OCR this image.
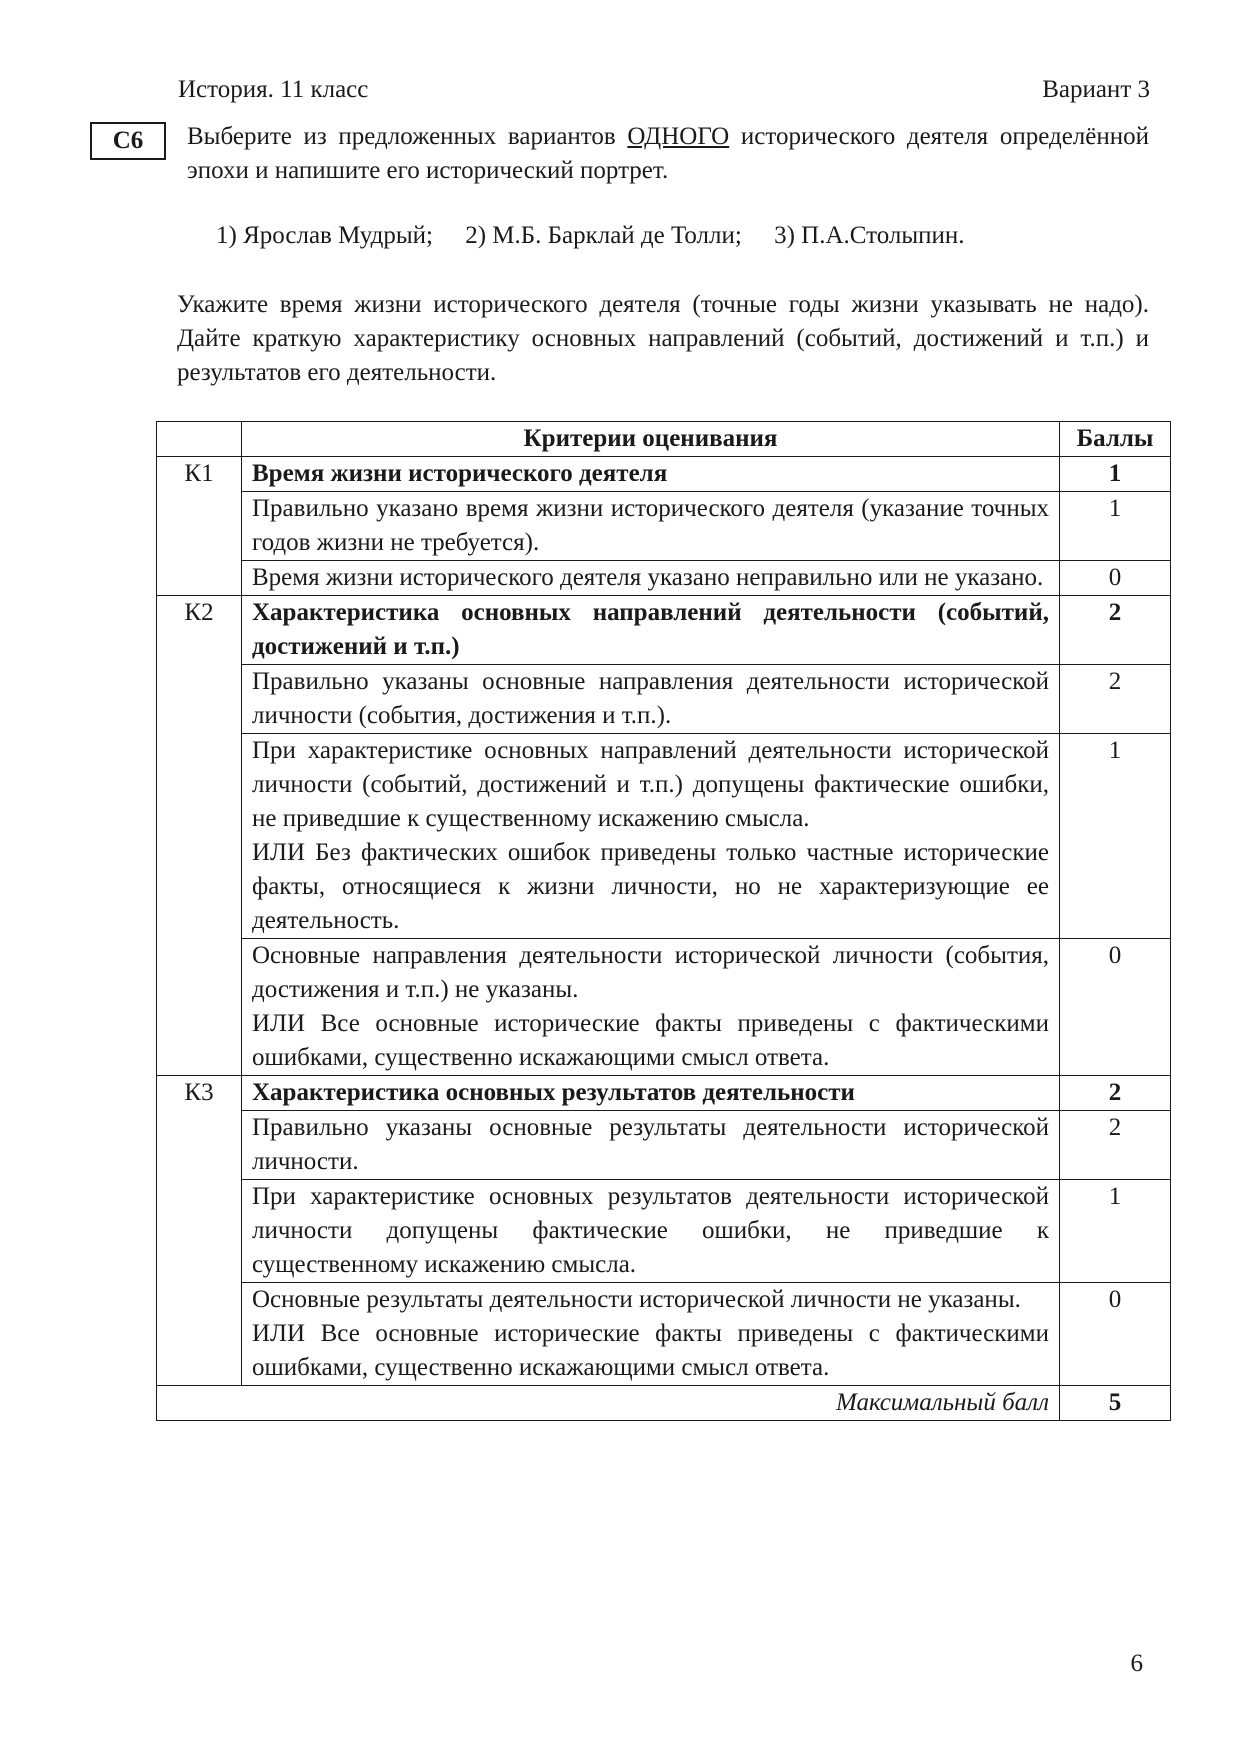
История. 11 класс	Вариант 3
С6	Выберите из предложенных вариантов ОДНОГО исторического деятеля определённой эпохи и напишите его исторический портрет.
1) Ярослав Мудрый; 2) М.Б. Барклай де Толли; 3) П.А.Столыпин.
Укажите время жизни исторического деятеля (точные годы жизни указывать не надо). Дайте краткую характеристику основных направлений (событий, достижений и т.п.) и результатов его деятельности.
	Критерии оценивания	Баллы
К1	Время жизни исторического деятеля	1
	Правильно указано время жизни исторического деятеля (указание точных годов жизни не требуется).	1
	Время жизни исторического деятеля указано неправильно или не указано.	0
К2	Характеристика основных направлений деятельности (событий, достижений и т.п.)	2
	Правильно указаны основные направления деятельности исторической личности (события, достижения и т.п.).	2

	При характеристике основных направлений деятельности исторической личности (событий, достижений и т.п.) допущены фактические ошибки, не приведшие к существенному искажению смысла.
ИЛИ Без фактических ошибок приведены только частные исторические факты, относящиеся к жизни личности, но не характеризующие ее деятельность.	1

	Основные направления деятельности исторической личности (события, достижения и т.п.) не указаны.
ИЛИ Все основные исторические факты приведены с фактическими ошибками, существенно искажающими смысл ответа.	0
К3	Характеристика основных результатов деятельности	2
	Правильно указаны основные результаты деятельности исторической личности.	2
	При характеристике основных результатов деятельности исторической личности допущены фактические ошибки, не приведшие к существенному искажению смысла.	1

	Основные результаты деятельности исторической личности не указаны.
ИЛИ Все основные исторические факты приведены с фактическими ошибками, существенно искажающими смысл ответа.	0
Максимальный балл		5
6
